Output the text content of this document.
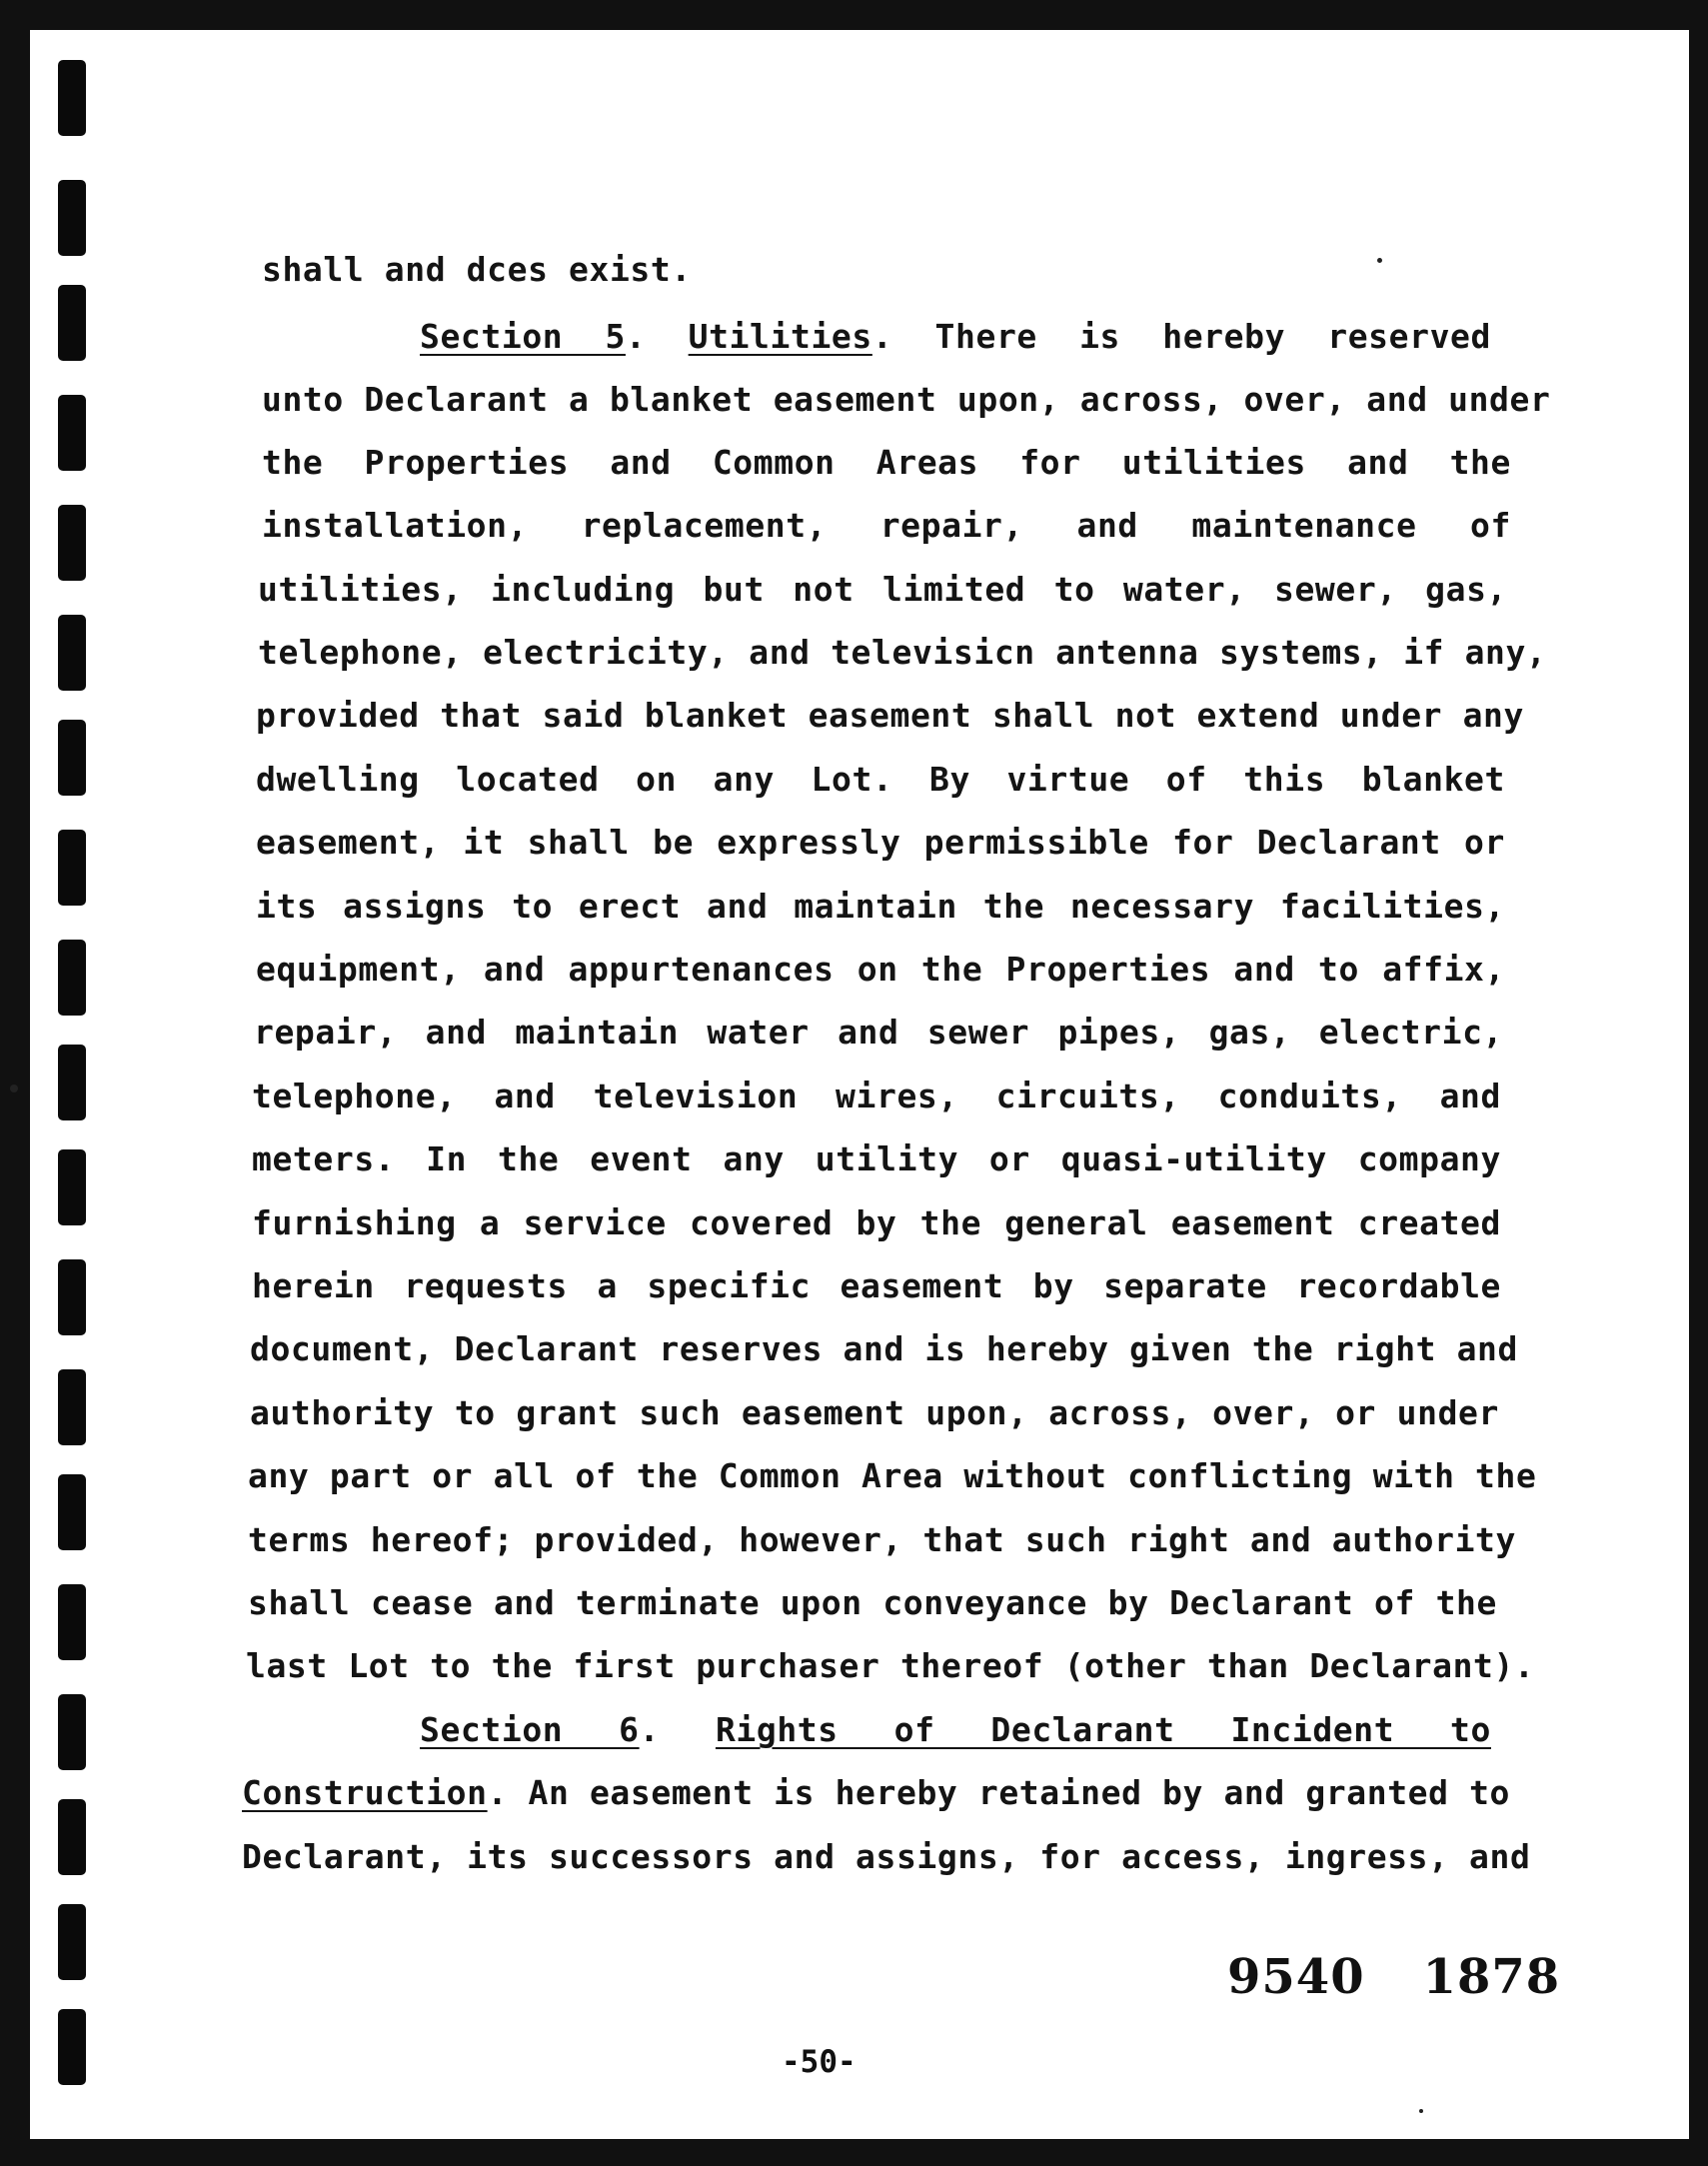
shall and dces exist.
Section 5. Utilities. There is hereby reserved
unto Declarant a blanket easement upon, across, over, and under
the Properties and Common Areas for utilities and the
installation, replacement, repair, and maintenance of
utilities, including but not limited to water, sewer, gas,
telephone, electricity, and televisicn antenna systems, if any,
provided that said blanket easement shall not extend under any
dwelling located on any Lot. By virtue of this blanket
easement, it shall be expressly permissible for Declarant or
its assigns to erect and maintain the necessary facilities,
equipment, and appurtenances on the Properties and to affix,
repair, and maintain water and sewer pipes, gas, electric,
telephone, and television wires, circuits, conduits, and
meters. In the event any utility or quasi-utility company
furnishing a service covered by the general easement created
herein requests a specific easement by separate recordable
document, Declarant reserves and is hereby given the right and
authority to grant such easement upon, across, over, or under
any part or all of the Common Area without conflicting with the
terms hereof; provided, however, that such right and authority
shall cease and terminate upon conveyance by Declarant of the
last Lot to the first purchaser thereof (other than Declarant).
Section 6. Rights of Declarant Incident to
Construction. An easement is hereby retained by and granted to
Declarant, its successors and assigns, for access, ingress, and
9540 1878
-50-
